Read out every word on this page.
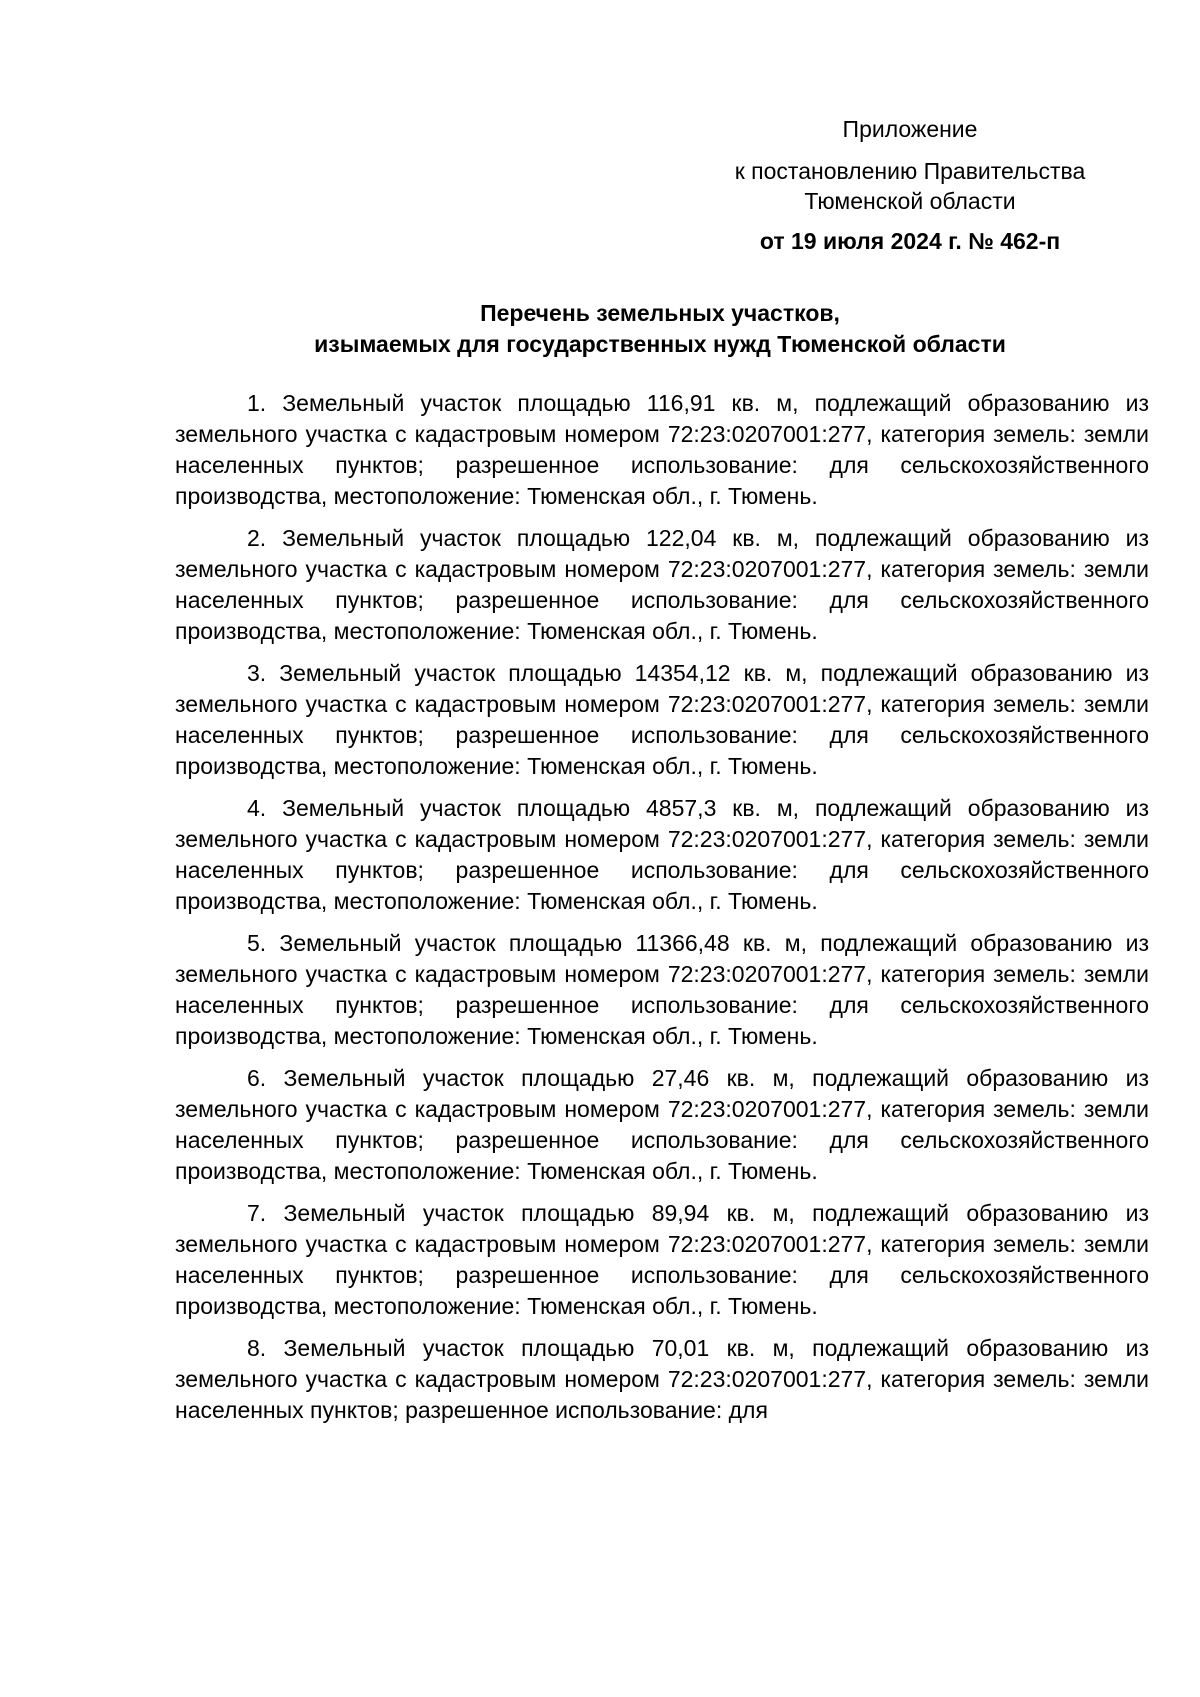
Приложение

к постановлению Правительства Тюменской области

от 19 июля 2024 г. № 462-п

Перечень земельных участков,
изымаемых для государственных нужд Тюменской области

1. Земельный участок площадью 116,91 кв. м, подлежащий образованию из земельного участка с кадастровым номером 72:23:0207001:277, категория земель: земли населенных пунктов; разрешенное использование: для сельскохозяйственного производства, местоположение: Тюменская обл., г. Тюмень.

2. Земельный участок площадью 122,04 кв. м, подлежащий образованию из земельного участка с кадастровым номером 72:23:0207001:277, категория земель: земли населенных пунктов; разрешенное использование: для сельскохозяйственного производства, местоположение: Тюменская обл., г. Тюмень.

3. Земельный участок площадью 14354,12 кв. м, подлежащий образованию из земельного участка с кадастровым номером 72:23:0207001:277, категория земель: земли населенных пунктов; разрешенное использование: для сельскохозяйственного производства, местоположение: Тюменская обл., г. Тюмень.

4. Земельный участок площадью 4857,3 кв. м, подлежащий образованию из земельного участка с кадастровым номером 72:23:0207001:277, категория земель: земли населенных пунктов; разрешенное использование: для сельскохозяйственного производства, местоположение: Тюменская обл., г. Тюмень.

5. Земельный участок площадью 11366,48 кв. м, подлежащий образованию из земельного участка с кадастровым номером 72:23:0207001:277, категория земель: земли населенных пунктов; разрешенное использование: для сельскохозяйственного производства, местоположение: Тюменская обл., г. Тюмень.

6. Земельный участок площадью 27,46 кв. м, подлежащий образованию из земельного участка с кадастровым номером 72:23:0207001:277, категория земель: земли населенных пунктов; разрешенное использование: для сельскохозяйственного производства, местоположение: Тюменская обл., г. Тюмень.

7. Земельный участок площадью 89,94 кв. м, подлежащий образованию из земельного участка с кадастровым номером 72:23:0207001:277, категория земель: земли населенных пунктов; разрешенное использование: для сельскохозяйственного производства, местоположение: Тюменская обл., г. Тюмень.

8. Земельный участок площадью 70,01 кв. м, подлежащий образованию из земельного участка с кадастровым номером 72:23:0207001:277, категория земель: земли населенных пунктов; разрешенное использование: для
